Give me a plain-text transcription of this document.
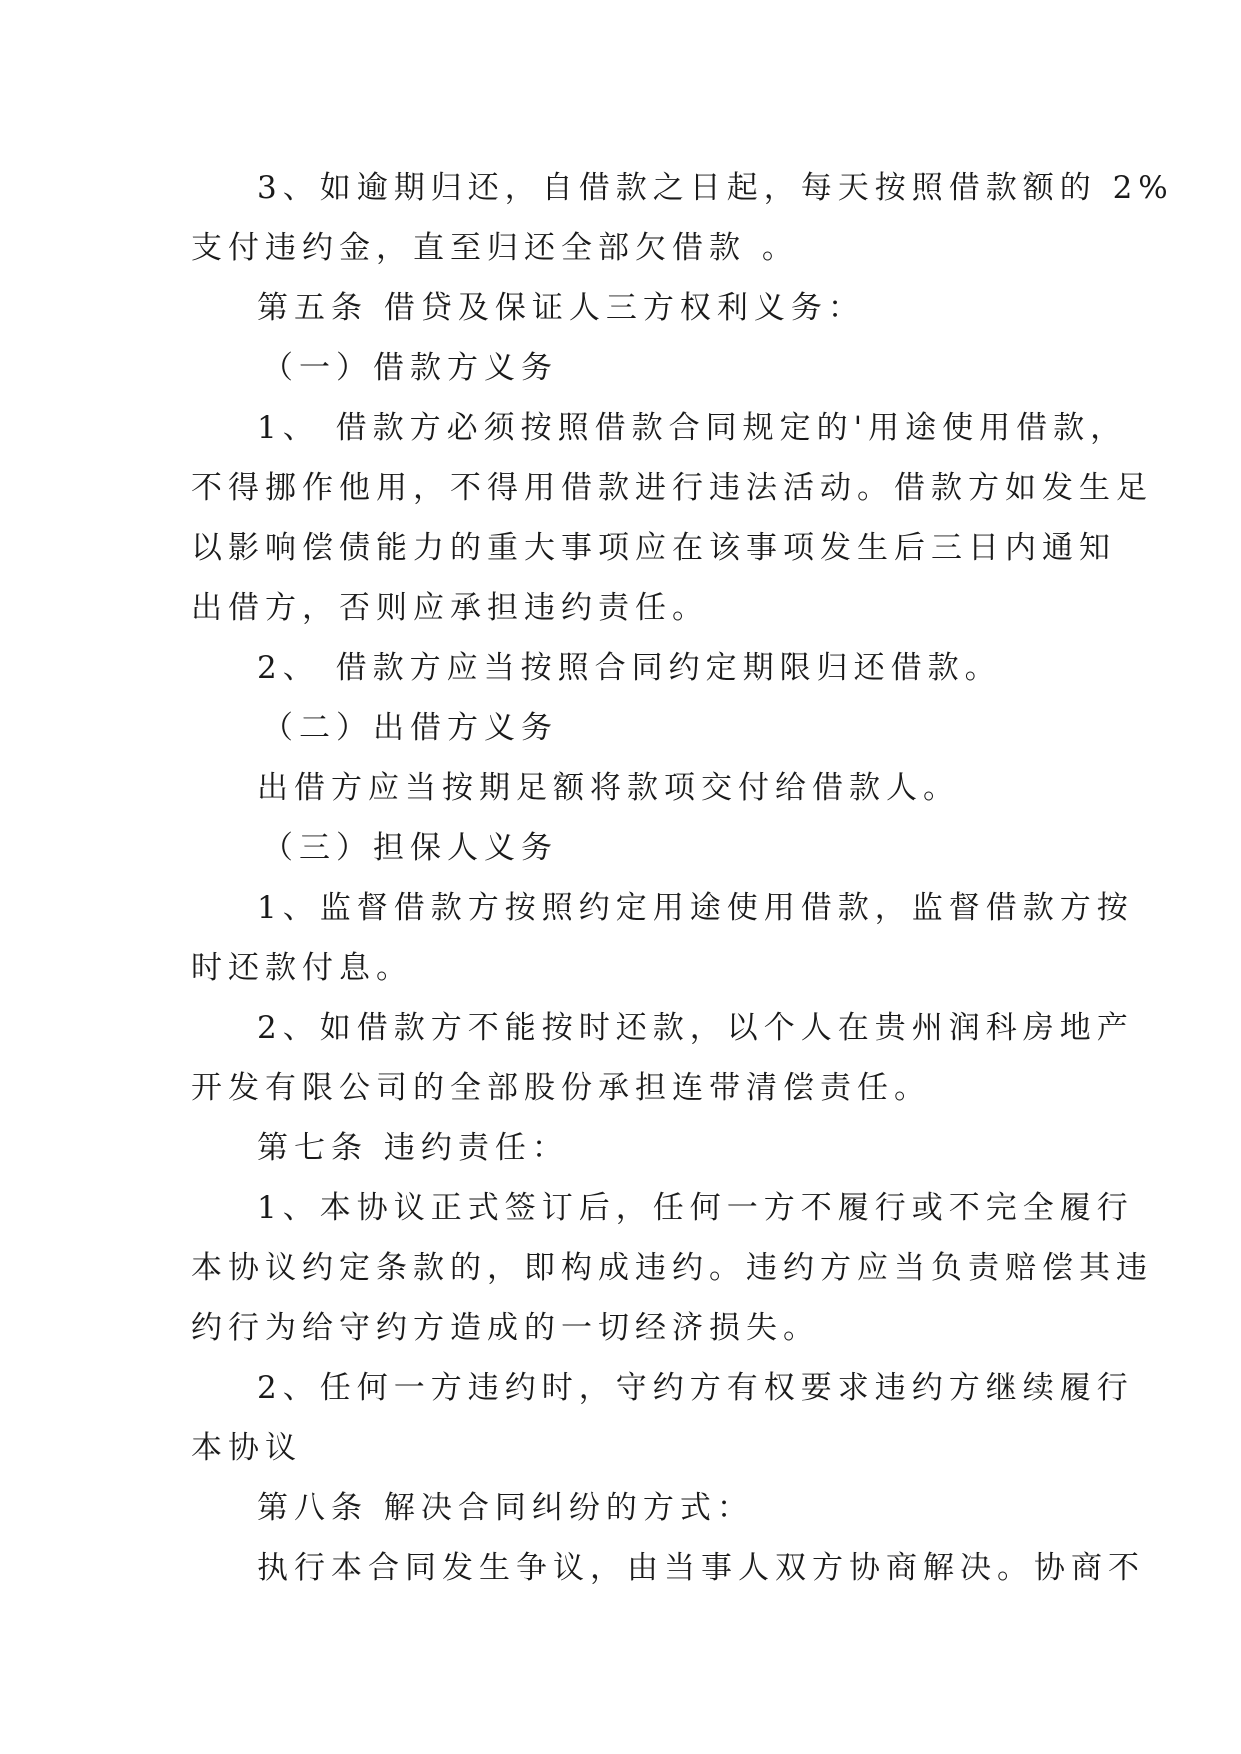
3、如逾期归还，自借款之日起，每天按照借款额的 2%
支付违约金，直至归还全部欠借款 。
第五条 借贷及保证人三方权利义务：
（一）借款方义务
1、 借款方必须按照借款合同规定的'用途使用借款，
不得挪作他用，不得用借款进行违法活动。借款方如发生足
以影响偿债能力的重大事项应在该事项发生后三日内通知
出借方，否则应承担违约责任。
2、 借款方应当按照合同约定期限归还借款。
（二）出借方义务
出借方应当按期足额将款项交付给借款人。
（三）担保人义务
1、监督借款方按照约定用途使用借款，监督借款方按
时还款付息。
2、如借款方不能按时还款，以个人在贵州润科房地产
开发有限公司的全部股份承担连带清偿责任。
第七条 违约责任：
1、本协议正式签订后，任何一方不履行或不完全履行
本协议约定条款的，即构成违约。违约方应当负责赔偿其违
约行为给守约方造成的一切经济损失。
2、任何一方违约时，守约方有权要求违约方继续履行
本协议
第八条 解决合同纠纷的方式：
执行本合同发生争议，由当事人双方协商解决。协商不
